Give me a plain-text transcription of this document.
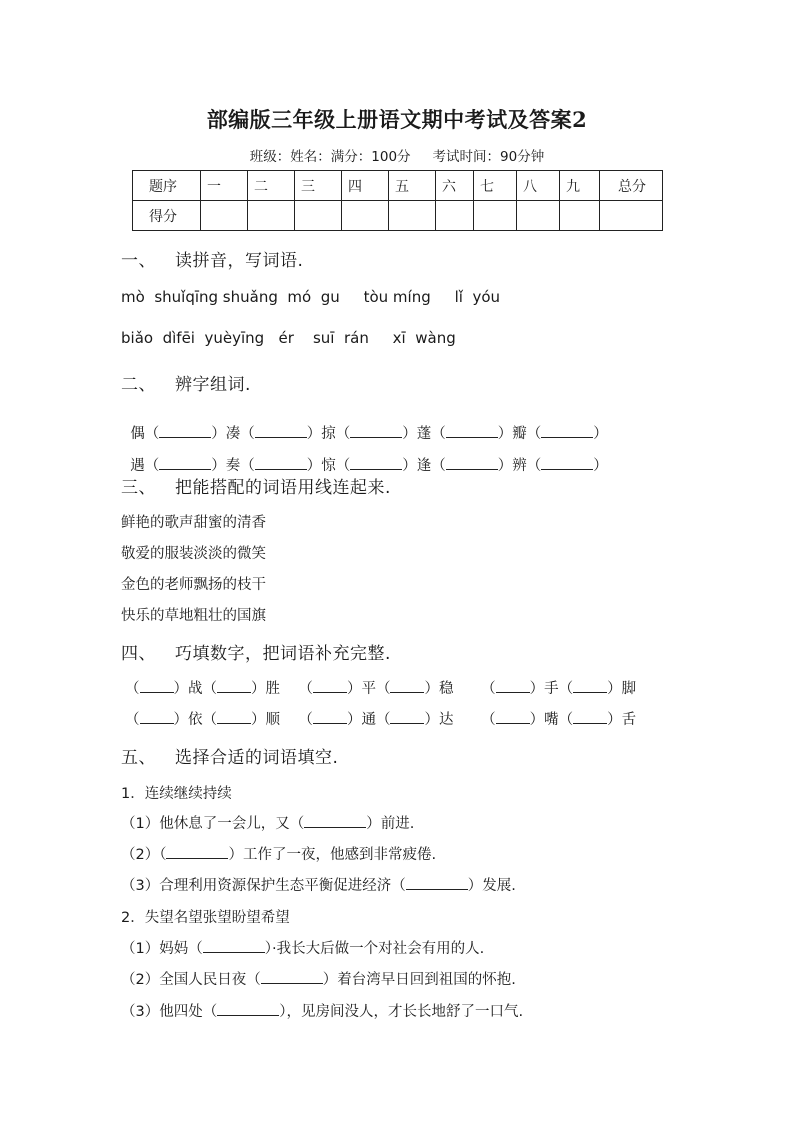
部编版三年级上册语文期中考试及答案2
班级：姓名：满分：100分 考试时间：90分钟
题序	一	二	三	四	五	六	七	八	九	总分
得分										
一、 读拼音，写词语.
mò  shuǐqīng shuǎng  mó  gu     tòu míng     lǐ  yóu
biǎo  dìfēi  yuèyīng   ér    suī  rán     xī  wàng
二、 辨字组词.

偶（	）凑（	）掠（	）蓬（	）瓣（	）

遇（	）奏（	）惊（	）逢（	）辨（	）

三、 把能搭配的词语用线连起来.
鲜艳的歌声甜蜜的清香
敬爱的服装淡淡的微笑
金色的老师飘扬的枝干
快乐的草地粗壮的国旗
四、 巧填数字，把词语补充完整.
（ ）战（ ）胜    （ ）平（ ）稳      （ ）手（ ）脚
（ ）依（ ）顺    （ ）通（ ）达      （ ）嘴（ ）舌
五、 选择合适的词语填空.
1．连续继续持续
（1）他休息了一会儿，又（	）前进.
（2）（	）工作了一夜，他感到非常疲倦.
（3）合理利用资源保护生态平衡促进经济（	）发展.
2．失望名望张望盼望希望
（1）妈妈（	）·我长大后做一个对社会有用的人.
（2）全国人民日夜（	）着台湾早日回到祖国的怀抱.
（3）他四处（	），见房间没人，才长长地舒了一口气.
